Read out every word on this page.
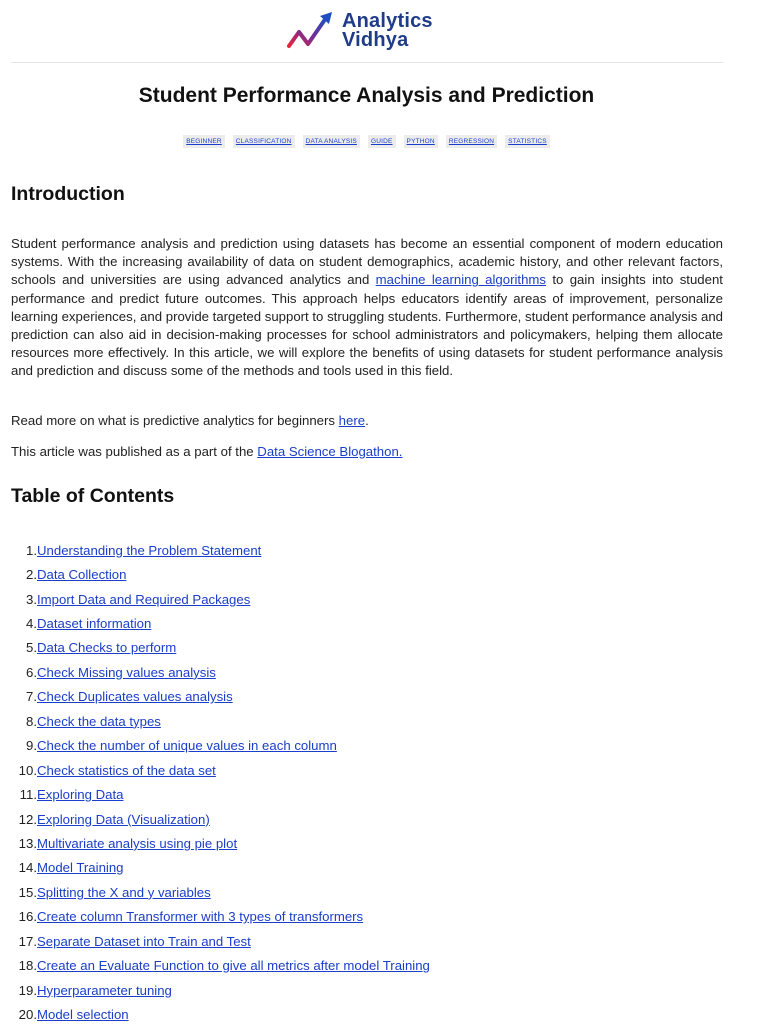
Analytics
Vidhya
Student Performance Analysis and Prediction
BEGINNER	CLASSIFICATION	DATA ANALYSIS	GUIDE	PYTHON	REGRESSION	STATISTICS
Introduction

Student performance analysis and prediction using datasets has become an essential component of modern education systems. With the increasing availability of data on student demographics, academic history, and other relevant factors, schools and universities are using advanced analytics and machine learning algorithms to gain insights into student performance and predict future outcomes. This approach helps educators identify areas of improvement, personalize learning experiences, and provide targeted support to struggling students. Furthermore, student performance analysis and prediction can also aid in decision-making processes for school administrators and policymakers, helping them allocate resources more effectively. In this article, we will explore the benefits of using datasets for student performance analysis and prediction and discuss some of the methods and tools used in this field.

Read more on what is predictive analytics for beginners here.

This article was published as a part of the Data Science Blogathon.

Table of Contents
1. Understanding the Problem Statement
2. Data Collection
3. Import Data and Required Packages
4. Dataset information
5. Data Checks to perform
6. Check Missing values analysis
7. Check Duplicates values analysis
8. Check the data types
9. Check the number of unique values in each column
10. Check statistics of the data set
11. Exploring Data
12. Exploring Data (Visualization)
13. Multivariate analysis using pie plot
14. Model Training
15. Splitting the X and y variables
16. Create column Transformer with 3 types of transformers
17. Separate Dataset into Train and Test
18. Create an Evaluate Function to give all metrics after model Training
19. Hyperparameter tuning
20. Model selection
